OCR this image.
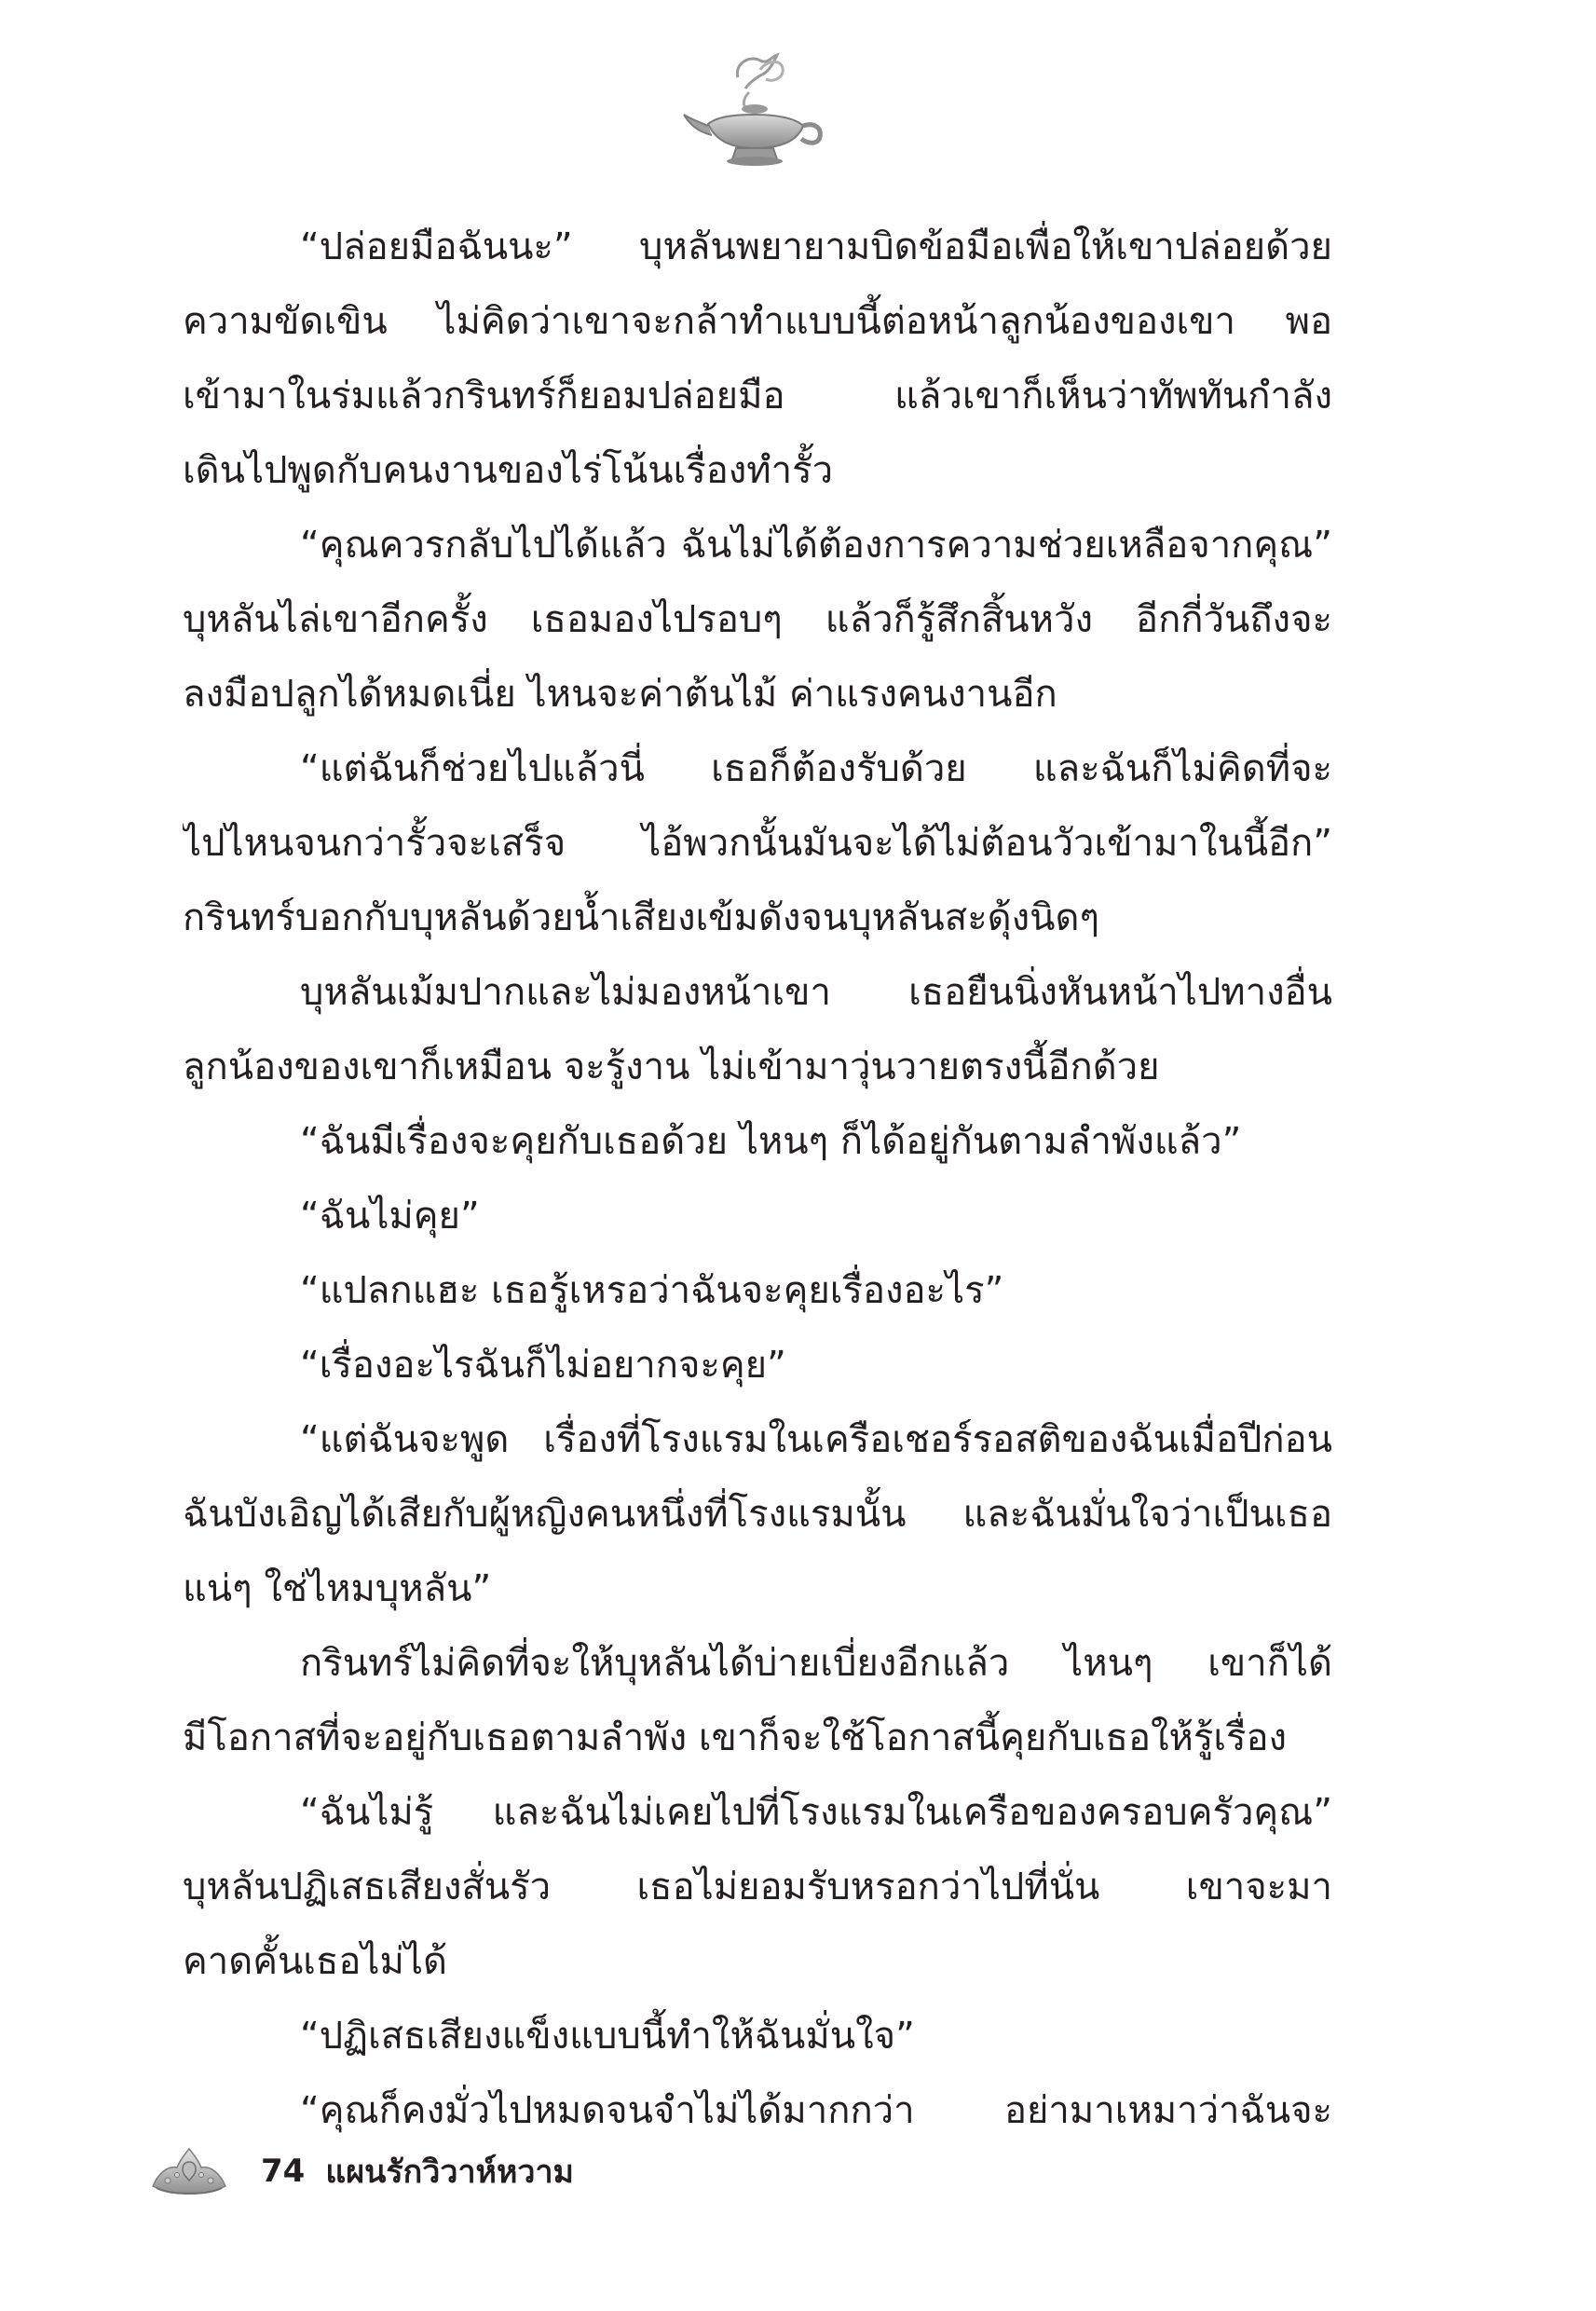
“ปล่อยมือฉันนะ” บุหลันพยายามบิดข้อมือเพื่อให้เขาปล่อยด้วย
ความขัดเขิน ไม่คิดว่าเขาจะกล้าทำแบบนี้ต่อหน้าลูกน้องของเขา พอ
เข้ามาในร่มแล้วกรินทร์ก็ยอมปล่อยมือ แล้วเขาก็เห็นว่าทัพทันกำลัง
เดินไปพูดกับคนงานของไร่โน้นเรื่องทำรั้ว
“คุณควรกลับไปได้แล้ว ฉันไม่ได้ต้องการความช่วยเหลือจากคุณ”
บุหลันไล่เขาอีกครั้ง เธอมองไปรอบๆ แล้วก็รู้สึกสิ้นหวัง อีกกี่วันถึงจะ
ลงมือปลูกได้หมดเนี่ย ไหนจะค่าต้นไม้ ค่าแรงคนงานอีก
“แต่ฉันก็ช่วยไปแล้วนี่ เธอก็ต้องรับด้วย และฉันก็ไม่คิดที่จะ
ไปไหนจนกว่ารั้วจะเสร็จ ไอ้พวกนั้นมันจะได้ไม่ต้อนวัวเข้ามาในนี้อีก”
กรินทร์บอกกับบุหลันด้วยน้ำเสียงเข้มดังจนบุหลันสะดุ้งนิดๆ
บุหลันเม้มปากและไม่มองหน้าเขา เธอยืนนิ่งหันหน้าไปทางอื่น
ลูกน้องของเขาก็เหมือน จะรู้งาน ไม่เข้ามาวุ่นวายตรงนี้อีกด้วย
“ฉันมีเรื่องจะคุยกับเธอด้วย ไหนๆ ก็ได้อยู่กันตามลำพังแล้ว”
“ฉันไม่คุย”
“แปลกแฮะ เธอรู้เหรอว่าฉันจะคุยเรื่องอะไร”
“เรื่องอะไรฉันก็ไม่อยากจะคุย”
“แต่ฉันจะพูด เรื่องที่โรงแรมในเครือเชอร์รอสติของฉันเมื่อปีก่อน
ฉันบังเอิญได้เสียกับผู้หญิงคนหนึ่งที่โรงแรมนั้น และฉันมั่นใจว่าเป็นเธอ
แน่ๆ ใช่ไหมบุหลัน”
กรินทร์ไม่คิดที่จะให้บุหลันได้บ่ายเบี่ยงอีกแล้ว ไหนๆ เขาก็ได้
มีโอกาสที่จะอยู่กับเธอตามลำพัง เขาก็จะใช้โอกาสนี้คุยกับเธอให้รู้เรื่อง
“ฉันไม่รู้ และฉันไม่เคยไปที่โรงแรมในเครือของครอบครัวคุณ”
บุหลันปฏิเสธเสียงสั่นรัว เธอไม่ยอมรับหรอกว่าไปที่นั่น เขาจะมา
คาดคั้นเธอไม่ได้
“ปฏิเสธเสียงแข็งแบบนี้ทำให้ฉันมั่นใจ”
“คุณก็คงมั่วไปหมดจนจำไม่ได้มากกว่า อย่ามาเหมาว่าฉันจะ
74 แผนรักวิวาห์หวาม
